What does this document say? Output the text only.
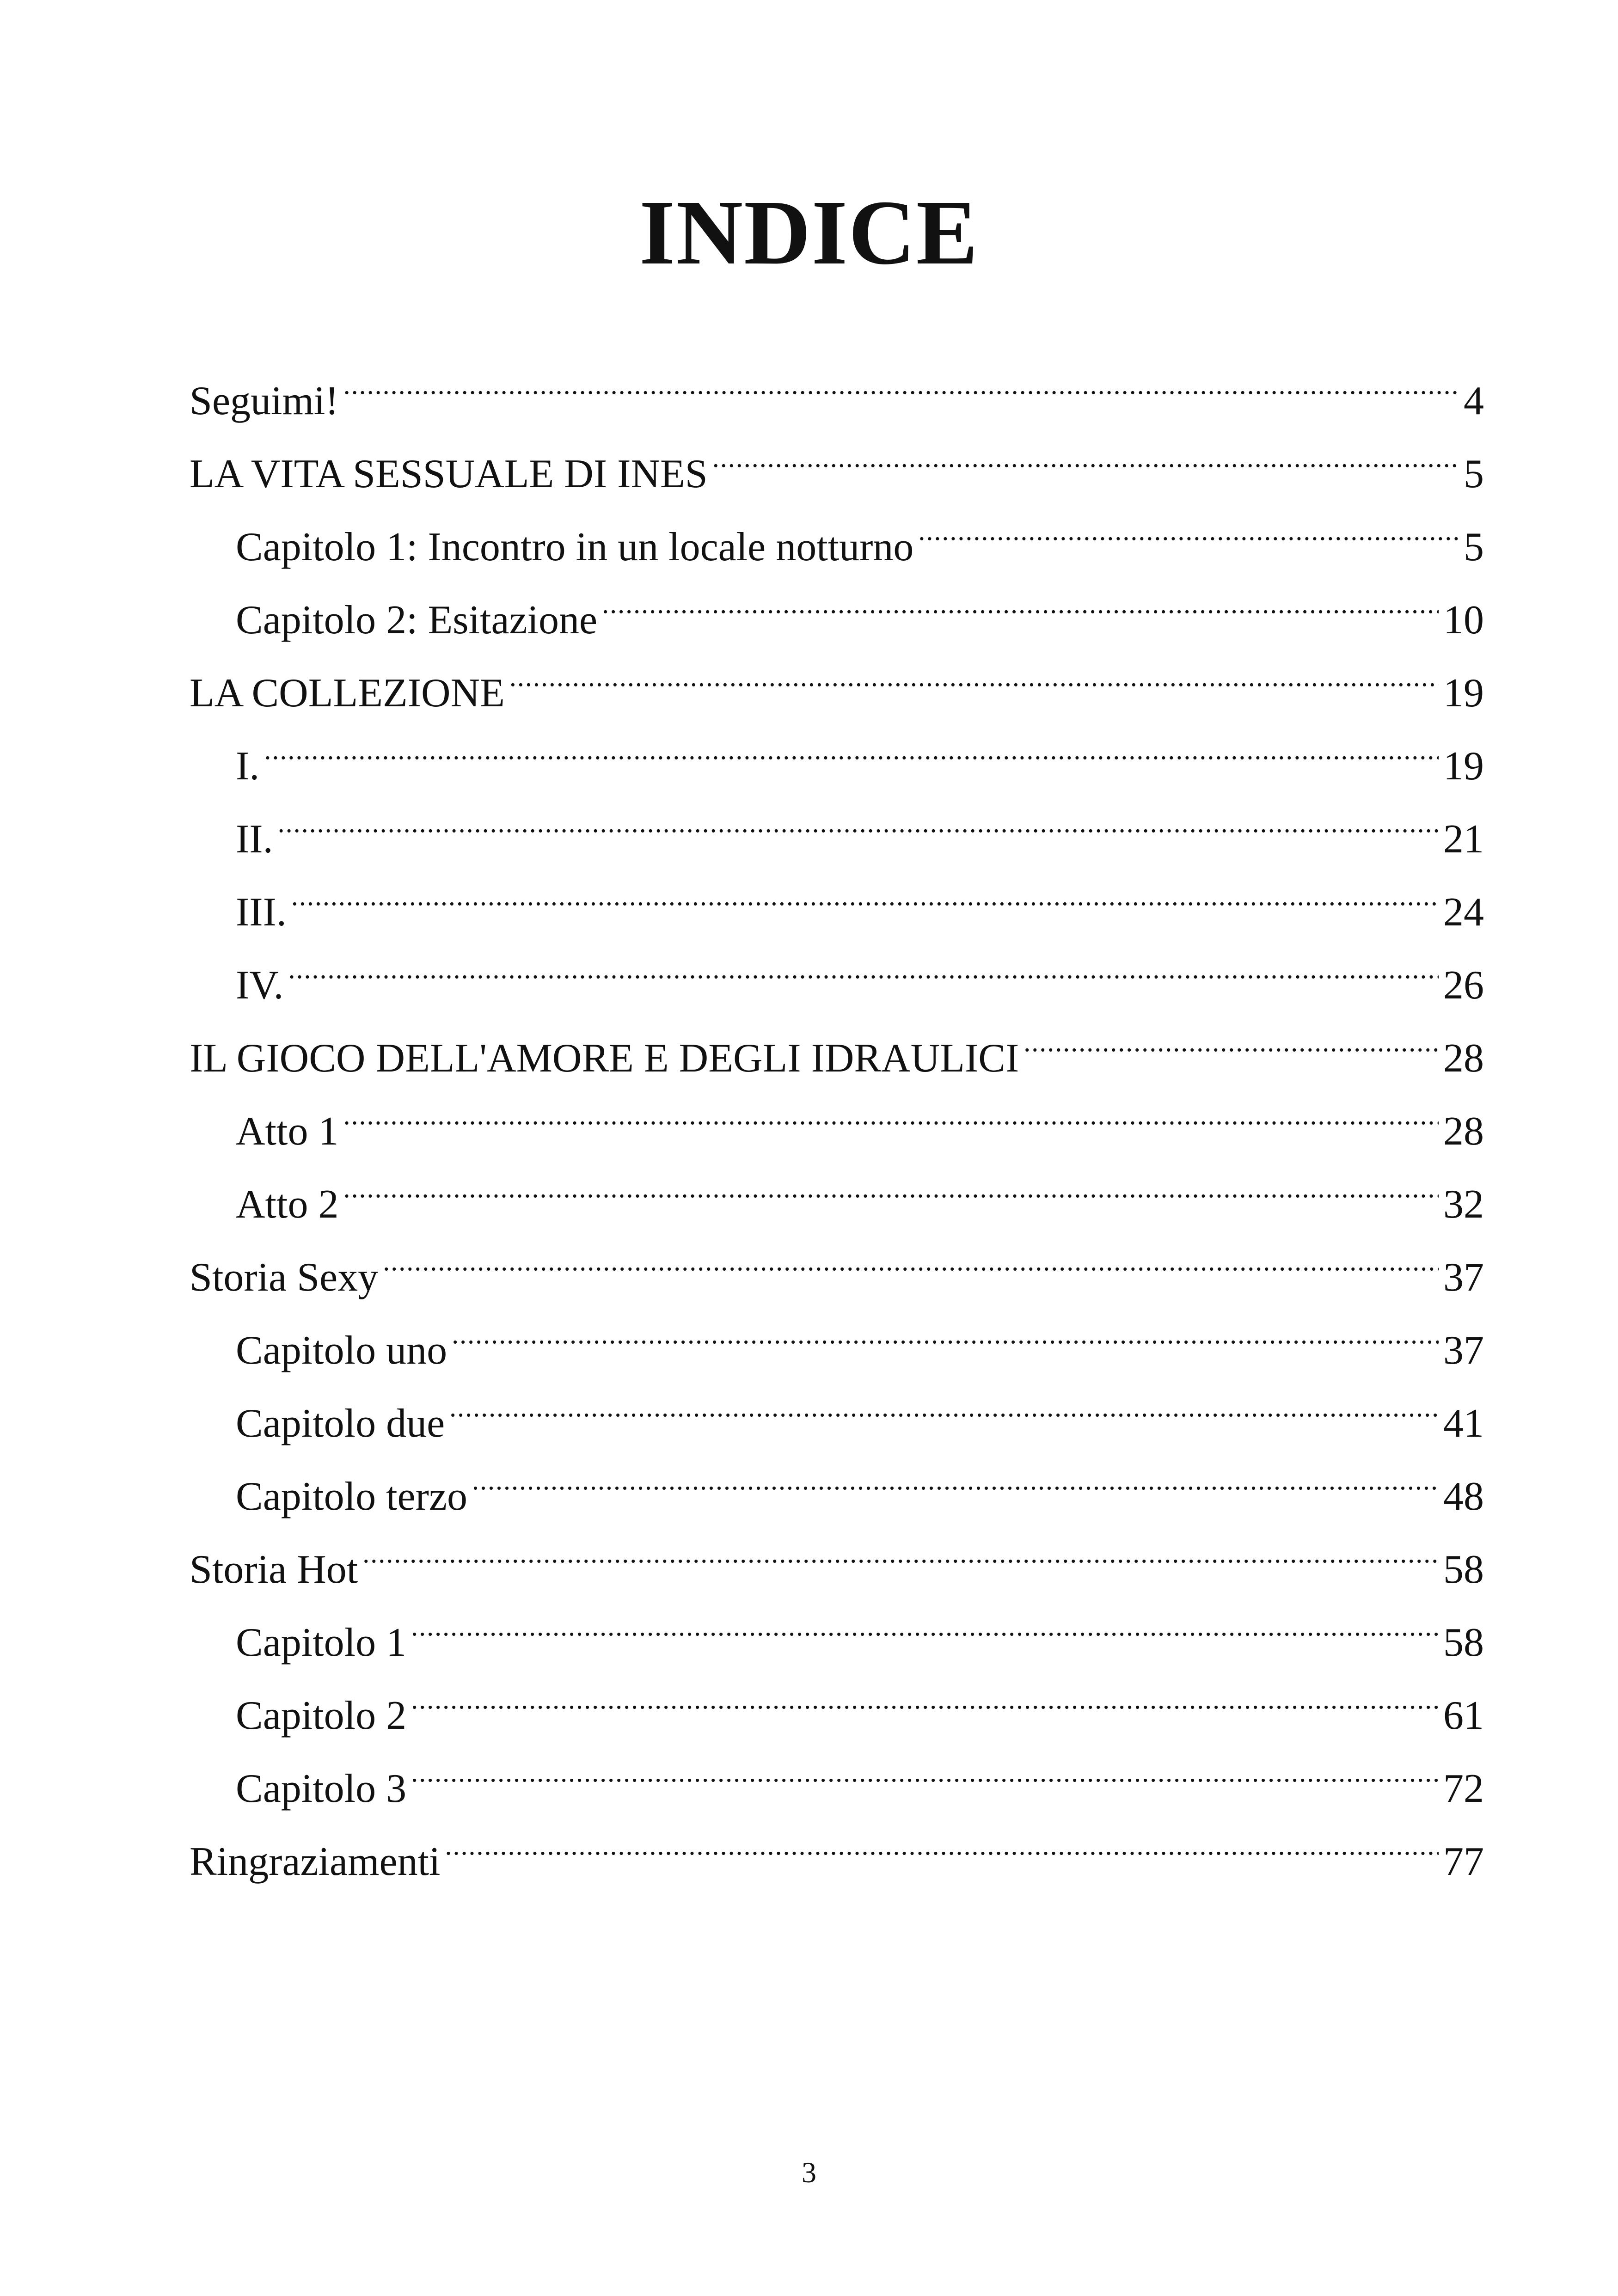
INDICE
Seguimi! .....	4
LA VITA SESSUALE DI INES .....	5
Capitolo 1: Incontro in un locale notturno .....	5
Capitolo 2: Esitazione .....	10
LA COLLEZIONE .....	19
I. .....	19
II. .....	21
III. .....	24
IV. .....	26
IL GIOCO DELL'AMORE E DEGLI IDRAULICI .....	28
Atto 1 .....	28
Atto 2 .....	32
Storia Sexy .....	37
Capitolo uno .....	37
Capitolo due .....	41
Capitolo terzo .....	48
Storia Hot .....	58
Capitolo 1 .....	58
Capitolo 2 .....	61
Capitolo 3 .....	72
Ringraziamenti .....	77
3
